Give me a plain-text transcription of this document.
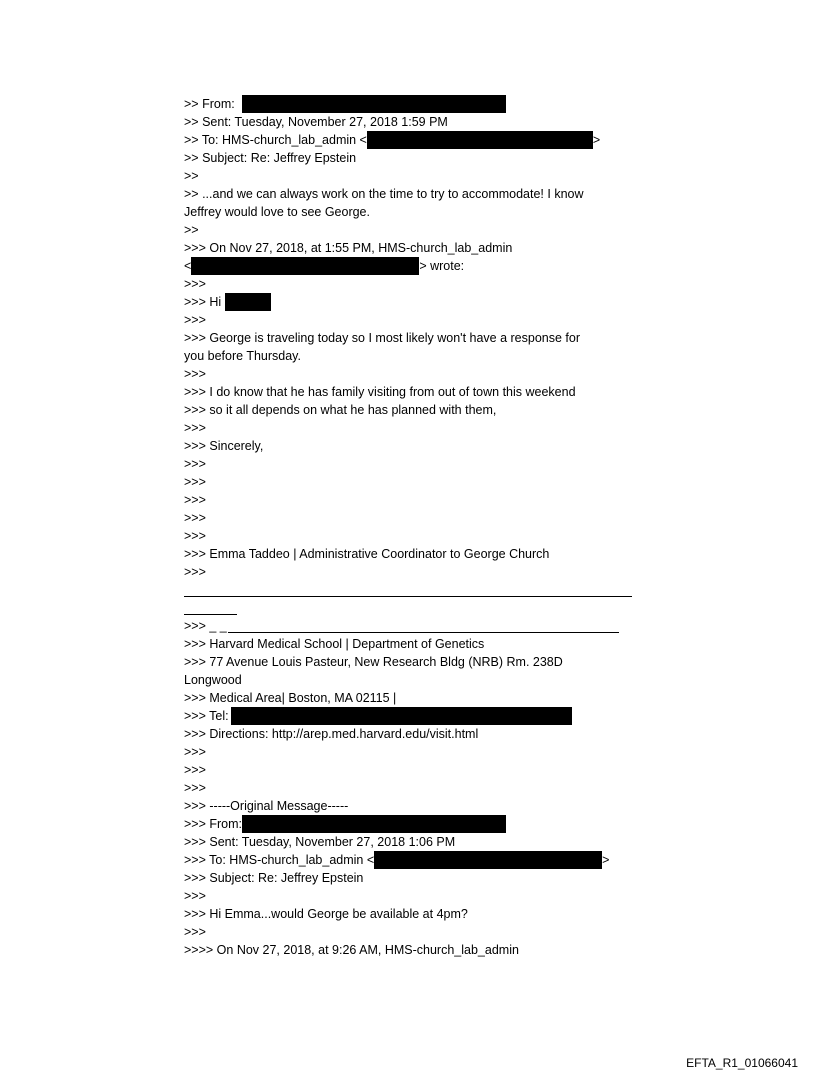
>> From:
>> Sent: Tuesday, November 27, 2018 1:59 PM
>> To: HMS-church_lab_admin <	>
>> Subject: Re: Jeffrey Epstein
>>
>> ...and we can always work on the time to try to accommodate! I know
Jeffrey would love to see George.
>>
>>> On Nov 27, 2018, at 1:55 PM, HMS-church_lab_admin
<	> wrote:
>>>
>>> Hi
>>>
>>> George is traveling today so I most likely won't have a response for
you before Thursday.
>>>
>>> I do know that he has family visiting from out of town this weekend
>>> so it all depends on what he has planned with them,
>>>
>>> Sincerely,
>>>
>>>
>>>
>>>
>>>
>>> Emma Taddeo | Administrative Coordinator to George Church
>>>
>>> _ _
>>> Harvard Medical School | Department of Genetics
>>> 77 Avenue Louis Pasteur, New Research Bldg (NRB) Rm. 238D
Longwood
>>> Medical Area| Boston, MA 02115 |
>>> Tel:
>>> Directions: http://arep.med.harvard.edu/visit.html
>>>
>>>
>>>
>>> -----Original Message-----
>>> From:
>>> Sent: Tuesday, November 27, 2018 1:06 PM
>>> To: HMS-church_lab_admin <	>
>>> Subject: Re: Jeffrey Epstein
>>>
>>> Hi Emma...would George be available at 4pm?
>>>
>>>> On Nov 27, 2018, at 9:26 AM, HMS-church_lab_admin
EFTA_R1_01066041
